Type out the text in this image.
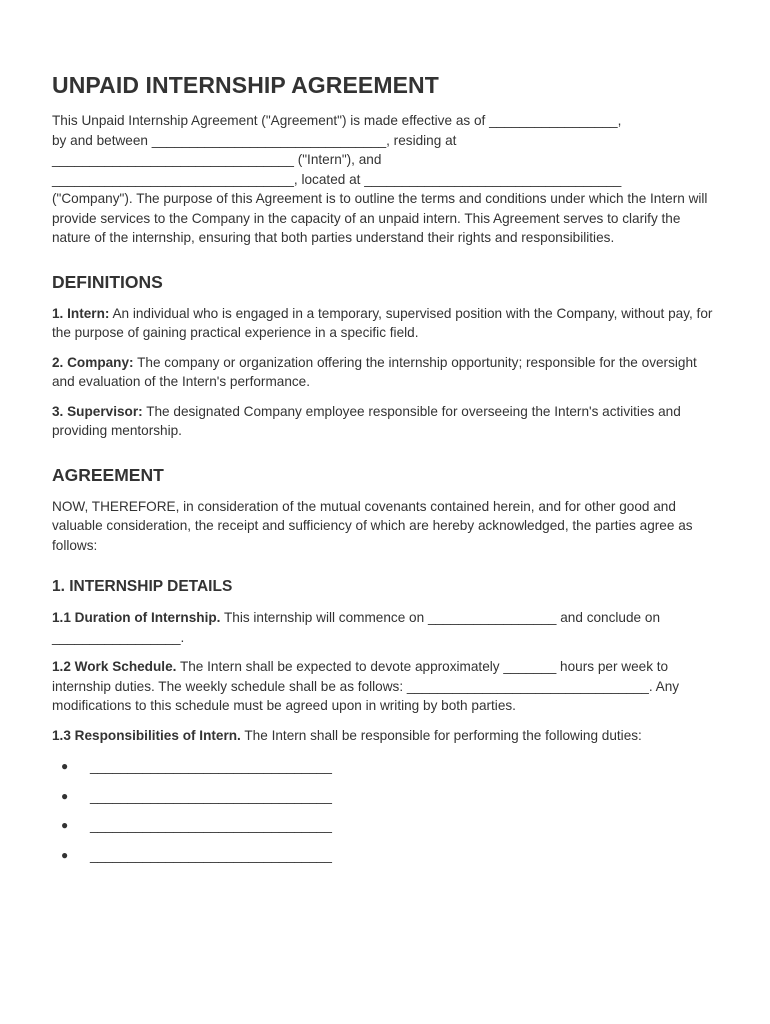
UNPAID INTERNSHIP AGREEMENT
This Unpaid Internship Agreement ("Agreement") is made effective as of _________________,
by and between _______________________________, residing at
________________________________ ("Intern"), and
________________________________, located at __________________________________
("Company"). The purpose of this Agreement is to outline the terms and conditions under which the Intern will provide services to the Company in the capacity of an unpaid intern. This Agreement serves to clarify the nature of the internship, ensuring that both parties understand their rights and responsibilities.
DEFINITIONS

1. Intern: An individual who is engaged in a temporary, supervised position with the Company, without pay, for the purpose of gaining practical experience in a specific field.

2. Company: The company or organization offering the internship opportunity; responsible for the oversight and evaluation of the Intern's performance.

3. Supervisor: The designated Company employee responsible for overseeing the Intern's activities and providing mentorship.

AGREEMENT

NOW, THEREFORE, in consideration of the mutual covenants contained herein, and for other good and valuable consideration, the receipt and sufficiency of which are hereby acknowledged, the parties agree as follows:

1. INTERNSHIP DETAILS

1.1 Duration of Internship. This internship will commence on _________________ and conclude on _________________.

1.2 Work Schedule. The Intern shall be expected to devote approximately _______ hours per week to internship duties. The weekly schedule shall be as follows: ________________________________. Any modifications to this schedule must be agreed upon in writing by both parties.

1.3 Responsibilities of Intern. The Intern shall be responsible for performing the following duties:

● ________________________________
● ________________________________
● ________________________________
● ________________________________
